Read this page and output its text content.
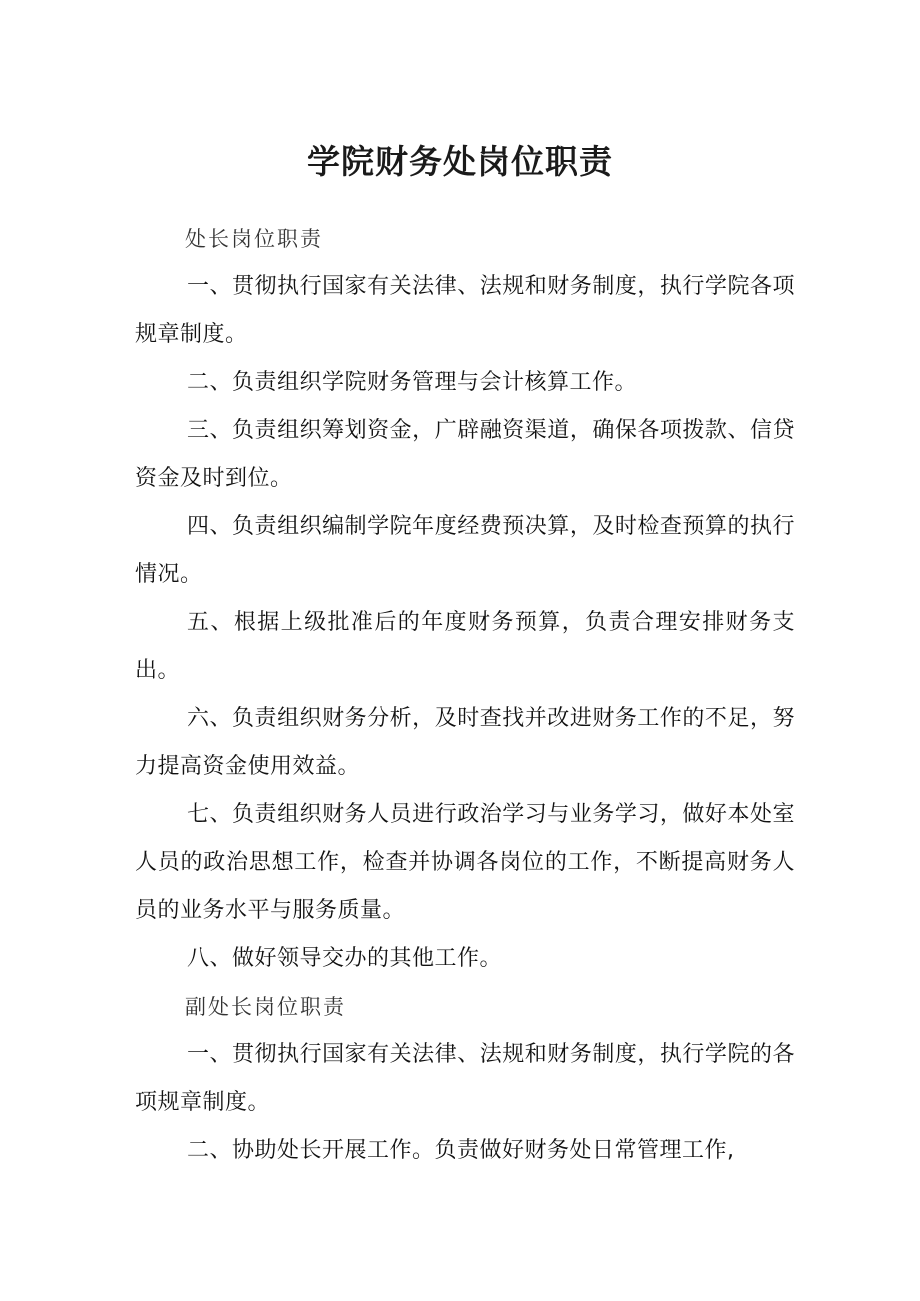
学院财务处岗位职责

处长岗位职责

一、贯彻执行国家有关法律、法规和财务制度，执行学院各项规章制度。

二、负责组织学院财务管理与会计核算工作。

三、负责组织筹划资金，广辟融资渠道，确保各项拨款、信贷资金及时到位。

四、负责组织编制学院年度经费预决算，及时检查预算的执行情况。

五、根据上级批准后的年度财务预算，负责合理安排财务支出。

六、负责组织财务分析，及时查找并改进财务工作的不足，努力提高资金使用效益。

七、负责组织财务人员进行政治学习与业务学习，做好本处室人员的政治思想工作，检查并协调各岗位的工作，不断提高财务人员的业务水平与服务质量。

八、做好领导交办的其他工作。

副处长岗位职责

一、贯彻执行国家有关法律、法规和财务制度，执行学院的各项规章制度。

二、协助处长开展工作。负责做好财务处日常管理工作,
